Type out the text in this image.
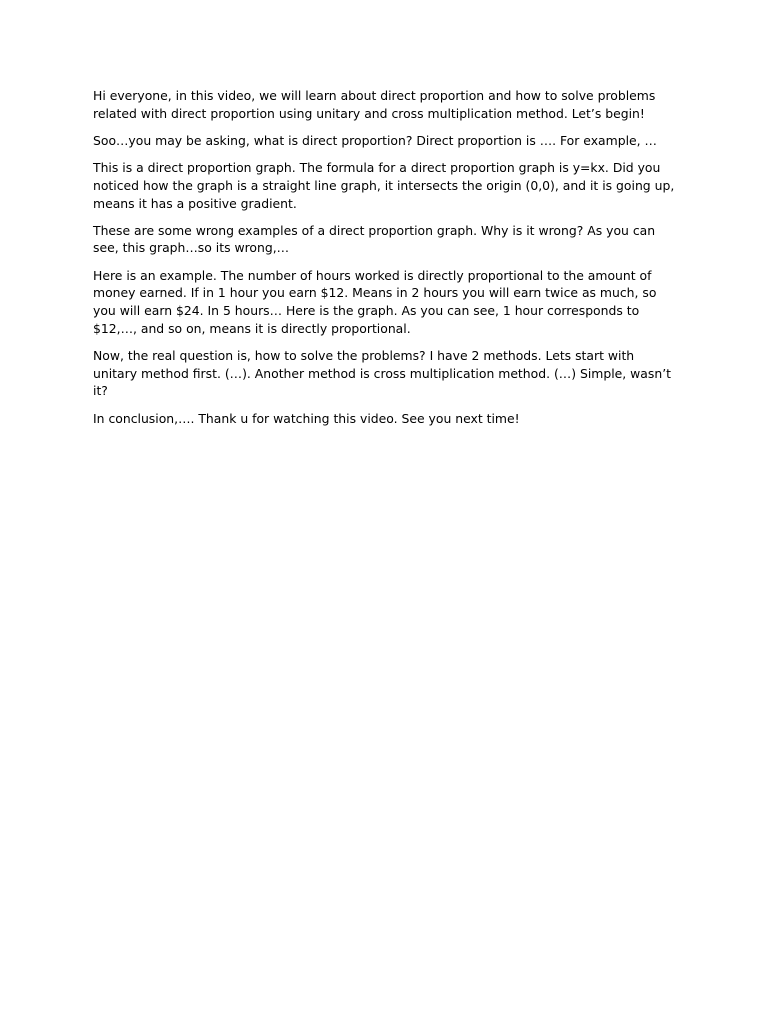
Hi everyone, in this video, we will learn about direct proportion and how to solve problems related with direct proportion using unitary and cross multiplication method. Let’s begin!

Soo…you may be asking, what is direct proportion? Direct proportion is …. For example, …

This is a direct proportion graph. The formula for a direct proportion graph is y=kx. Did you noticed how the graph is a straight line graph, it intersects the origin (0,0), and it is going up, means it has a positive gradient.

These are some wrong examples of a direct proportion graph. Why is it wrong? As you can see, this graph…so its wrong,…

Here is an example. The number of hours worked is directly proportional to the amount of money earned. If in 1 hour you earn $12. Means in 2 hours you will earn twice as much, so you will earn $24. In 5 hours… Here is the graph. As you can see, 1 hour corresponds to $12,…, and so on, means it is directly proportional.

Now, the real question is, how to solve the problems? I have 2 methods. Lets start with unitary method first. (…). Another method is cross multiplication method. (…) Simple, wasn’t it?

In conclusion,…. Thank u for watching this video. See you next time!
